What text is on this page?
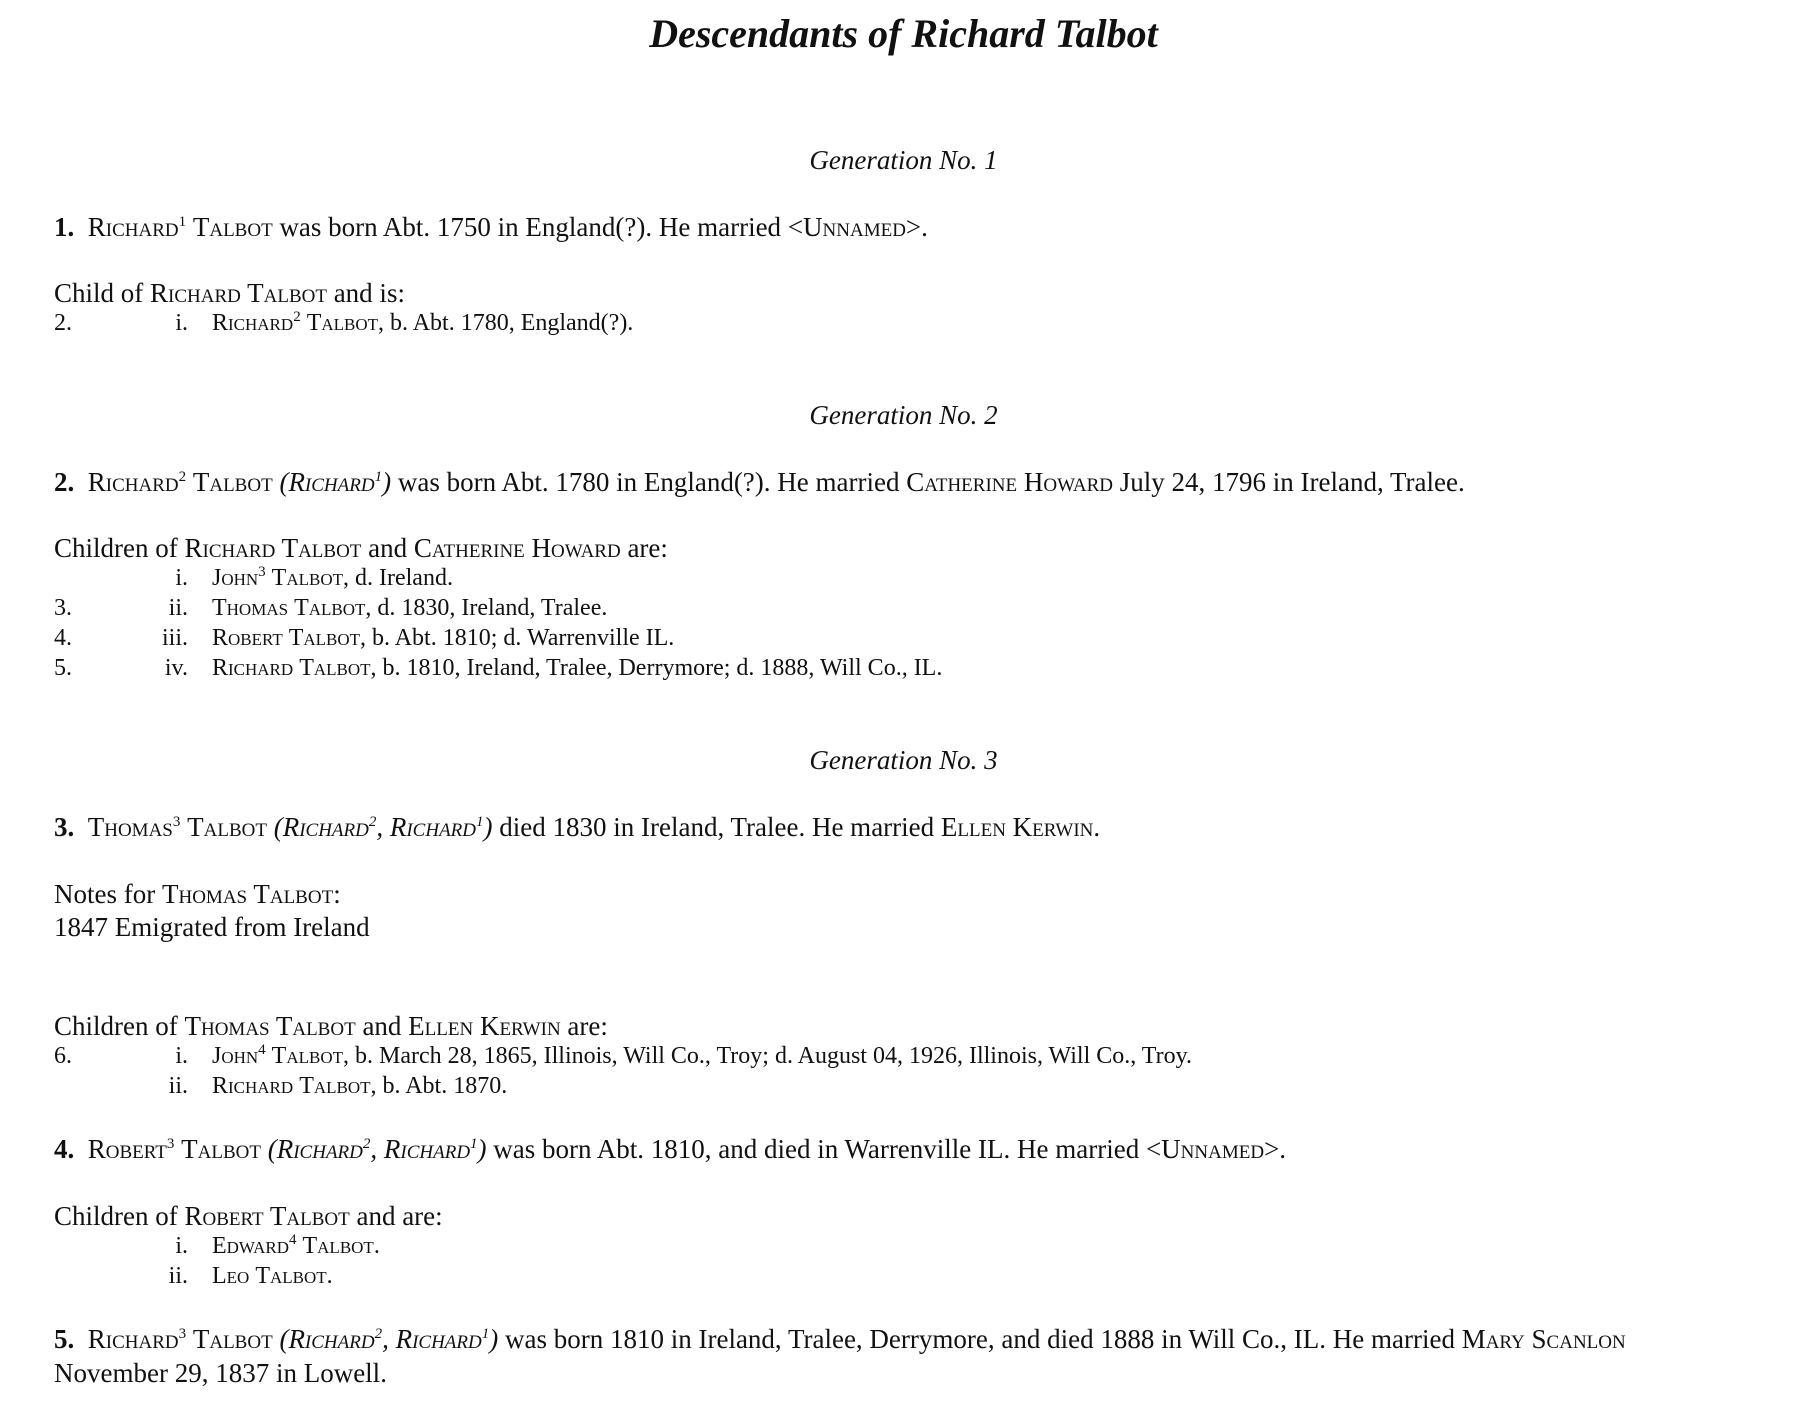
Descendants of Richard Talbot
Generation No. 1
1. Richard$^1$ Talbot was born Abt. 1750 in England(?). He married <Unnamed>.
Child of Richard Talbot and is:
2.	i. Richard$^2$ Talbot, b. Abt. 1780, England(?).
Generation No. 2
2. Richard$^2$ Talbot (Richard$^1$) was born Abt. 1780 in England(?). He married Catherine Howard July 24, 1796 in Ireland, Tralee.
Children of Richard Talbot and Catherine Howard are:
i. John$^3$ Talbot, d. Ireland.
3.	ii. Thomas Talbot, d. 1830, Ireland, Tralee.
4.	iii. Robert Talbot, b. Abt. 1810; d. Warrenville IL.
5.	iv. Richard Talbot, b. 1810, Ireland, Tralee, Derrymore; d. 1888, Will Co., IL.
Generation No. 3
3. Thomas$^3$ Talbot (Richard$^2$, Richard$^1$) died 1830 in Ireland, Tralee. He married Ellen Kerwin.
Notes for Thomas Talbot:
1847 Emigrated from Ireland
Children of Thomas Talbot and Ellen Kerwin are:
6.	i. John$^4$ Talbot, b. March 28, 1865, Illinois, Will Co., Troy; d. August 04, 1926, Illinois, Will Co., Troy.
ii. Richard Talbot, b. Abt. 1870.
4. Robert$^3$ Talbot (Richard$^2$, Richard$^1$) was born Abt. 1810, and died in Warrenville IL. He married <Unnamed>.
Children of Robert Talbot and are:
i. Edward$^4$ Talbot.
ii. Leo Talbot.
5. Richard$^3$ Talbot (Richard$^2$, Richard$^1$) was born 1810 in Ireland, Tralee, Derrymore, and died 1888 in Will Co., IL. He married Mary Scanlon
November 29, 1837 in Lowell.
